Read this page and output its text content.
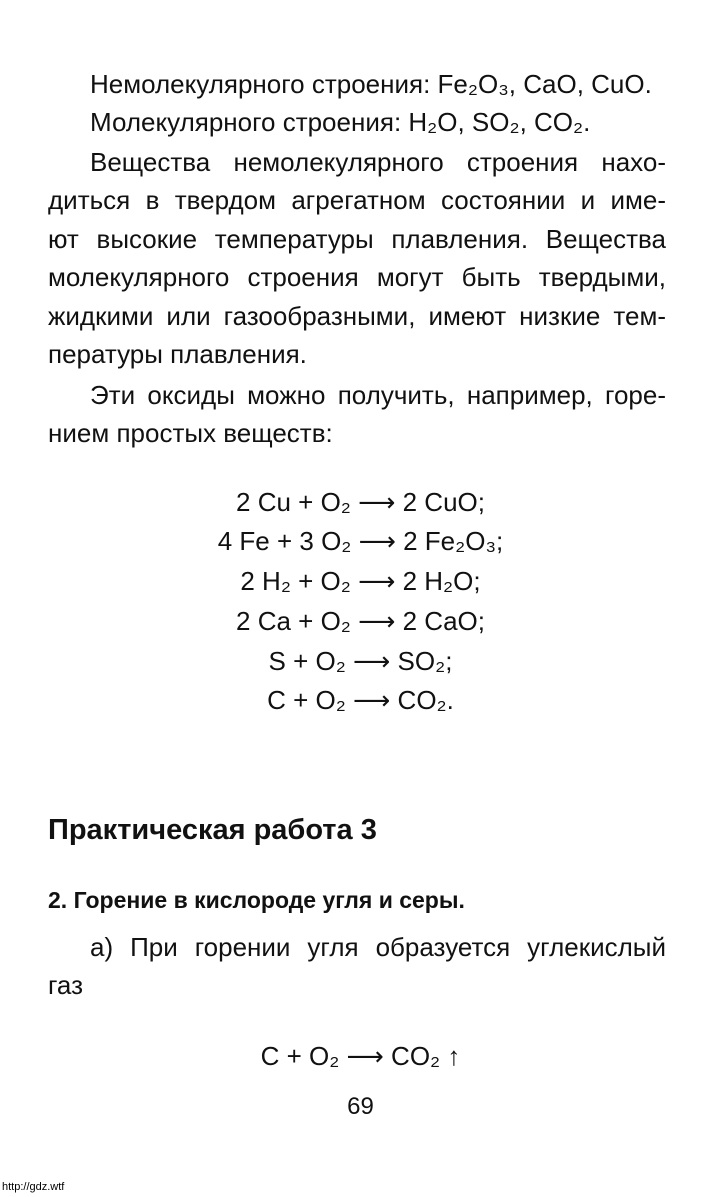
Немолекулярного строения: Fe₂O₃, CaO, CuO.
Молекулярного строения: H₂O, SO₂, CO₂.
Вещества немолекулярного строения нахо-
диться в твердом агрегатном состоянии и име-
ют высокие температуры плавления. Вещества
молекулярного строения могут быть твердыми,
жидкими или газообразными, имеют низкие тем-
пературы плавления.
Эти оксиды можно получить, например, горе-
нием простых веществ:
2 Cu + O₂ ⟶ 2 CuO;
4 Fe + 3 O₂ ⟶ 2 Fe₂O₃;
2 H₂ + O₂ ⟶ 2 H₂O;
2 Ca + O₂ ⟶ 2 CaO;
S + O₂ ⟶ SO₂;
C + O₂ ⟶ CO₂.
Практическая работа 3
2. Горение в кислороде угля и серы.
а) При горении угля образуется углекислый
газ
C + O₂ ⟶ CO₂ ↑
69
http://gdz.wtf
